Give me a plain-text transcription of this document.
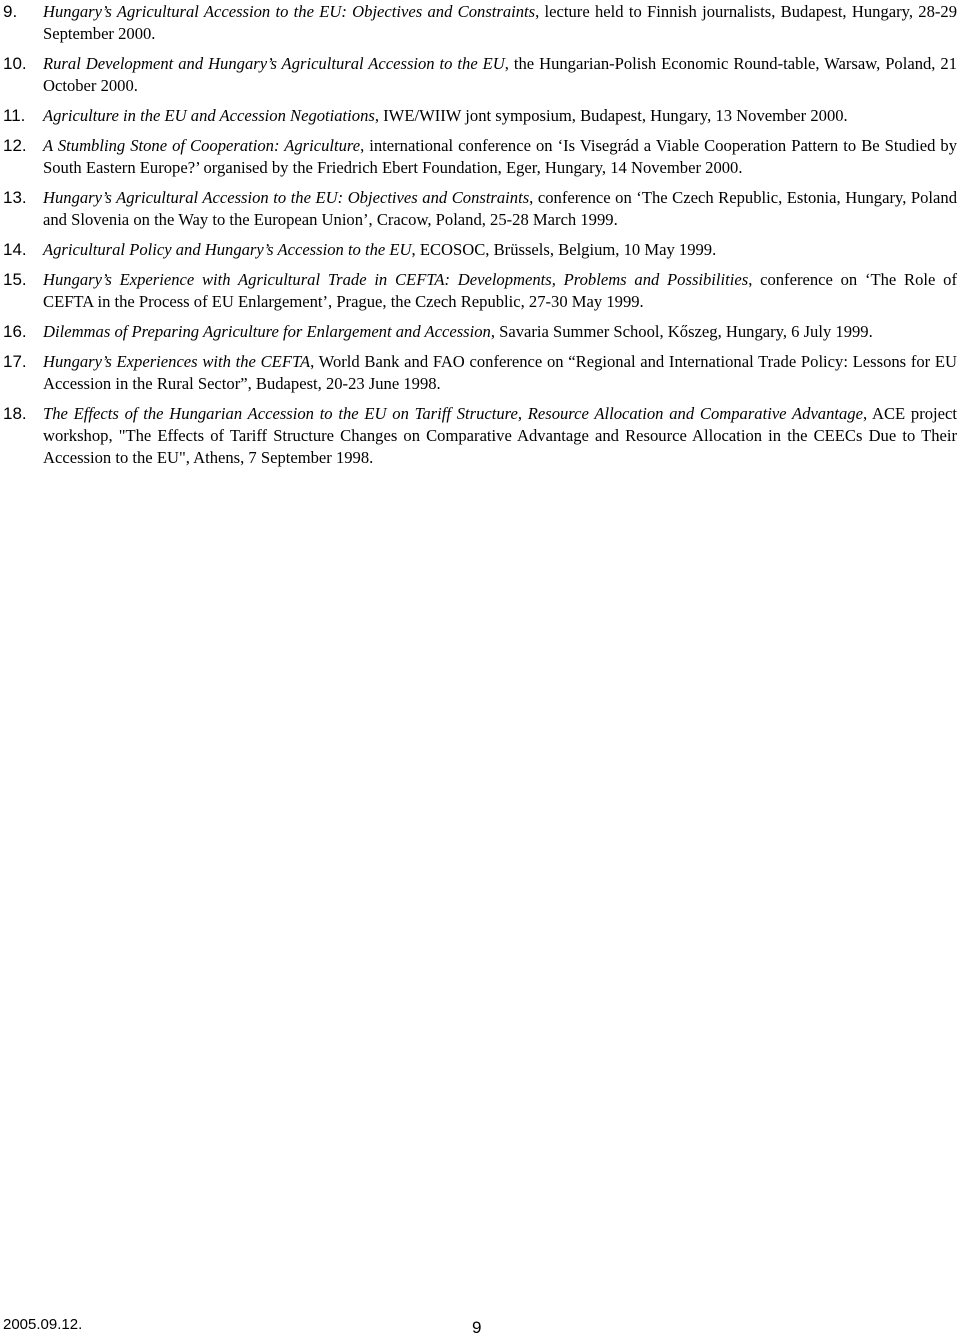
9. Hungary’s Agricultural Accession to the EU: Objectives and Constraints, lecture held to Finnish journalists, Budapest, Hungary, 28-29 September 2000.
10. Rural Development and Hungary’s Agricultural Accession to the EU, the Hungarian-Polish Economic Round-table, Warsaw, Poland, 21 October 2000.
11. Agriculture in the EU and Accession Negotiations, IWE/WIIW jont symposium, Budapest, Hungary, 13 November 2000.
12. A Stumbling Stone of Cooperation: Agriculture, international conference on ‘Is Visegrád a Viable Cooperation Pattern to Be Studied by South Eastern Europe?’ organised by the Friedrich Ebert Foundation, Eger, Hungary, 14 November 2000.
13. Hungary’s Agricultural Accession to the EU: Objectives and Constraints, conference on ‘The Czech Republic, Estonia, Hungary, Poland and Slovenia on the Way to the European Union’, Cracow, Poland, 25-28 March 1999.
14. Agricultural Policy and Hungary’s Accession to the EU, ECOSOC, Brüssels, Belgium, 10 May 1999.
15. Hungary’s Experience with Agricultural Trade in CEFTA: Developments, Problems and Possibilities, conference on ‘The Role of CEFTA in the Process of EU Enlargement’, Prague, the Czech Republic, 27-30 May 1999.
16. Dilemmas of Preparing Agriculture for Enlargement and Accession, Savaria Summer School, Kőszeg, Hungary, 6 July 1999.
17. Hungary’s Experiences with the CEFTA, World Bank and FAO conference on “Regional and International Trade Policy: Lessons for EU Accession in the Rural Sector”, Budapest, 20-23 June 1998.
18. The Effects of the Hungarian Accession to the EU on Tariff Structure, Resource Allocation and Comparative Advantage, ACE project workshop, "The Effects of Tariff Structure Changes on Comparative Advantage and Resource Allocation in the CEECs Due to Their Accession to the EU", Athens, 7 September 1998.
2005.09.12.	9
